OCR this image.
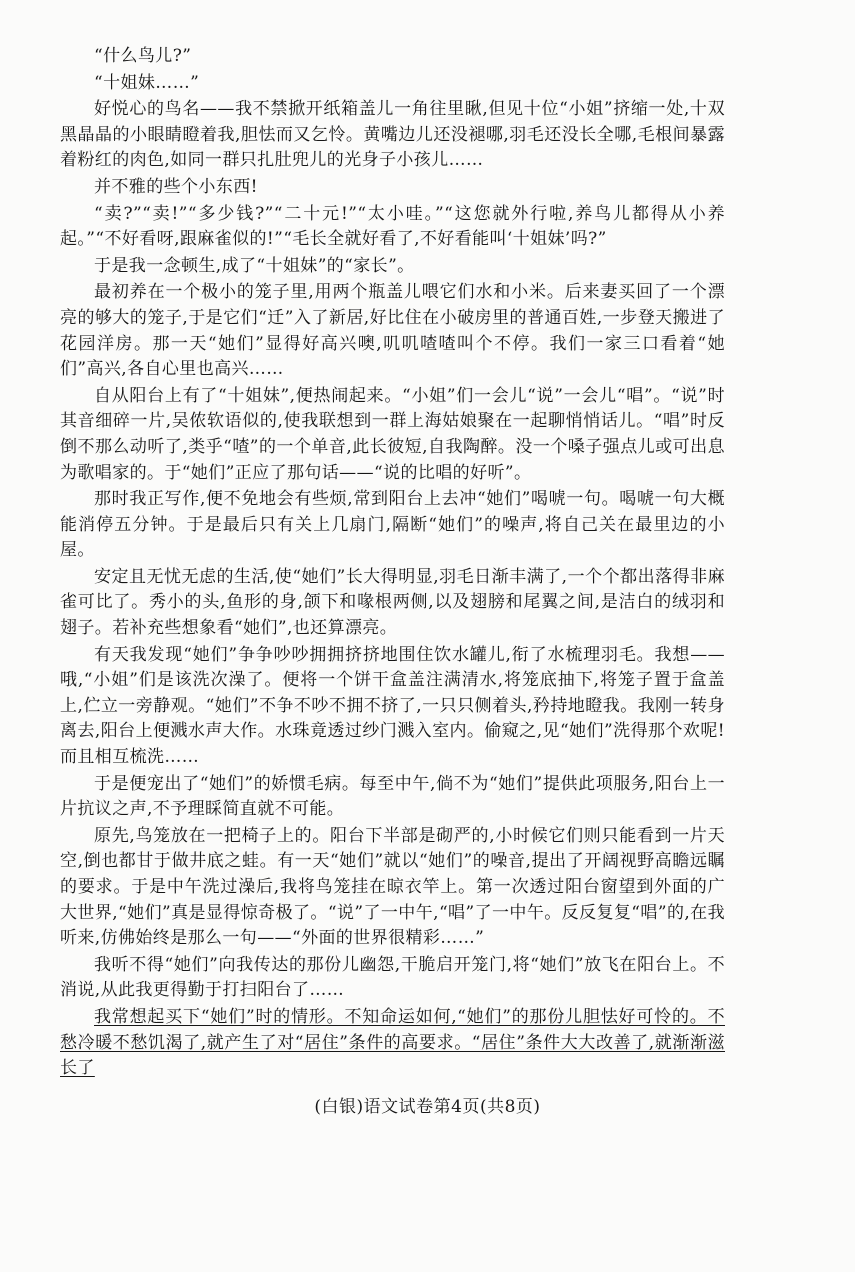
“什么鸟儿?”

“十姐妹……”

好悦心的鸟名——我不禁掀开纸箱盖儿一角往里瞅,但见十位“小姐”挤缩一处,十双黑晶晶的小眼睛瞪着我,胆怯而又乞怜。黄嘴边儿还没褪哪,羽毛还没长全哪,毛根间暴露着粉红的肉色,如同一群只扎肚兜儿的光身子小孩儿……

并不雅的些个小东西!

“卖?”“卖!”“多少钱?”“二十元!”“太小哇。”“这您就外行啦,养鸟儿都得从小养起。”“不好看呀,跟麻雀似的!”“毛长全就好看了,不好看能叫‘十姐妹’吗?”

于是我一念顿生,成了“十姐妹”的“家长”。

最初养在一个极小的笼子里,用两个瓶盖儿喂它们水和小米。后来妻买回了一个漂亮的够大的笼子,于是它们“迁”入了新居,好比住在小破房里的普通百姓,一步登天搬进了花园洋房。那一天“她们”显得好高兴噢,叽叽喳喳叫个不停。我们一家三口看着“她们”高兴,各自心里也高兴……

自从阳台上有了“十姐妹”,便热闹起来。“小姐”们一会儿“说”一会儿“唱”。“说”时其音细碎一片,吴侬软语似的,使我联想到一群上海姑娘聚在一起聊悄悄话儿。“唱”时反倒不那么动听了,类乎“喳”的一个单音,此长彼短,自我陶醉。没一个嗓子强点儿或可出息为歌唱家的。于“她们”正应了那句话——“说的比唱的好听”。

那时我正写作,便不免地会有些烦,常到阳台上去冲“她们”喝唬一句。喝唬一句大概能消停五分钟。于是最后只有关上几扇门,隔断“她们”的噪声,将自己关在最里边的小屋。

安定且无忧无虑的生活,使“她们”长大得明显,羽毛日渐丰满了,一个个都出落得非麻雀可比了。秀小的头,鱼形的身,颌下和喙根两侧,以及翅膀和尾翼之间,是洁白的绒羽和翅子。若补充些想象看“她们”,也还算漂亮。

有天我发现“她们”争争吵吵拥拥挤挤地围住饮水罐儿,衔了水梳理羽毛。我想——哦,“小姐”们是该洗次澡了。便将一个饼干盒盖注满清水,将笼底抽下,将笼子置于盒盖上,伫立一旁静观。“她们”不争不吵不拥不挤了,一只只侧着头,矜持地瞪我。我刚一转身离去,阳台上便溅水声大作。水珠竟透过纱门溅入室内。偷窥之,见“她们”洗得那个欢呢!而且相互梳洗……

于是便宠出了“她们”的娇惯毛病。每至中午,倘不为“她们”提供此项服务,阳台上一片抗议之声,不予理睬简直就不可能。

原先,鸟笼放在一把椅子上的。阳台下半部是砌严的,小时候它们则只能看到一片天空,倒也都甘于做井底之蛙。有一天“她们”就以“她们”的噪音,提出了开阔视野高瞻远瞩的要求。于是中午洗过澡后,我将鸟笼挂在晾衣竿上。第一次透过阳台窗望到外面的广大世界,“她们”真是显得惊奇极了。“说”了一中午,“唱”了一中午。反反复复“唱”的,在我听来,仿佛始终是那么一句——“外面的世界很精彩……”

我听不得“她们”向我传达的那份儿幽怨,干脆启开笼门,将“她们”放飞在阳台上。不消说,从此我更得勤于打扫阳台了……

我常想起买下“她们”时的情形。不知命运如何,“她们”的那份儿胆怯好可怜的。不愁冷暖不愁饥渴了,就产生了对“居住”条件的高要求。“居住”条件大大改善了,就渐渐滋长了

(白银)语文试卷第4页(共8页)
